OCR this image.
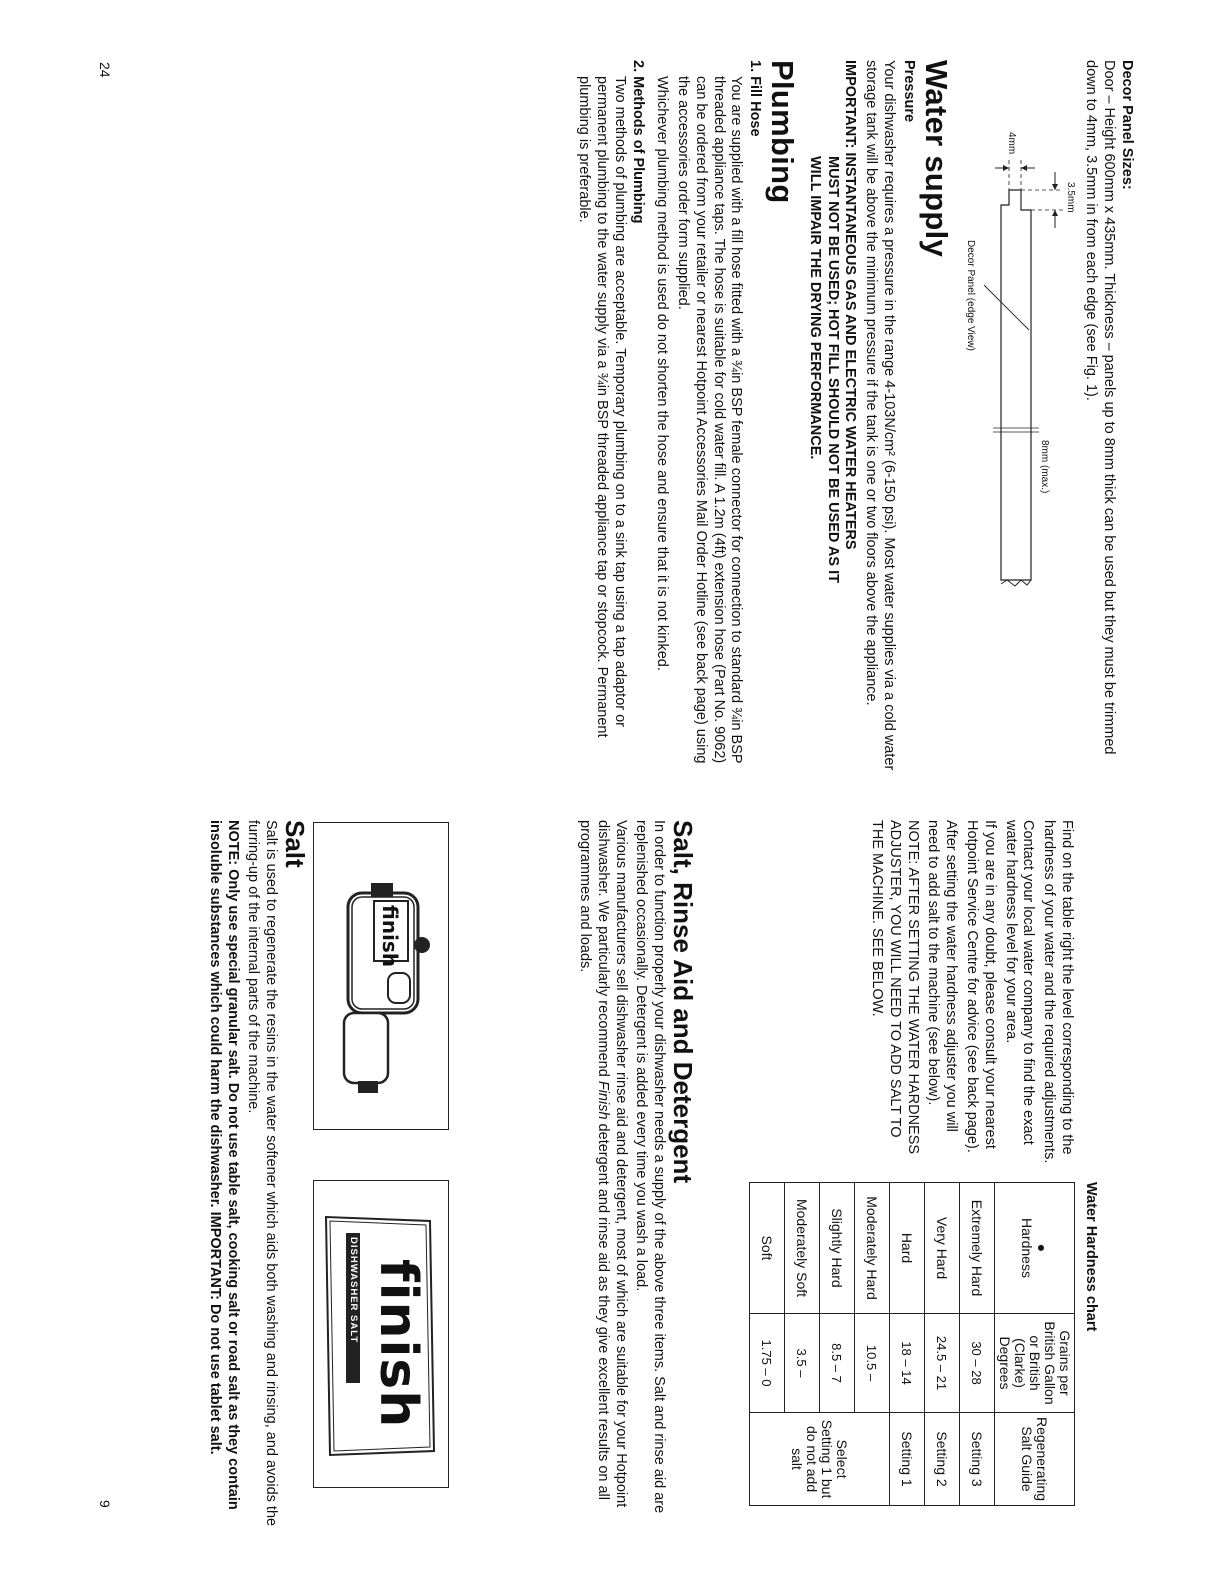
Decor Panel Sizes:

Door – Height 600mm x 435mm. Thickness – panels up to 8mm thick can be used but they must be trimmed down to 4mm, 3.5mm in from each edge (see Fig. 1).

3.5mm
4mm
8mm (max.)
Decor Panel (edge View)
Water supply
Pressure

Your dishwasher requires a pressure in the range 4-103N/cm² (6-150 psi). Most water supplies via a cold water storage tank will be above the minimum pressure if the tank is one or two floors above the appliance.

IMPORTANT: INSTANTANEOUS GAS AND ELECTRIC WATER HEATERS
MUST NOT BE USED; HOT FILL SHOULD NOT BE USED AS IT
WILL IMPAIR THE DRYING PERFORMANCE.
Plumbing
1. Fill Hose

You are supplied with a fill hose fitted with a ¾in BSP female connector for connection to standard ¾in BSP threaded appliance taps. The hose is suitable for cold water fill. A 1.2m (4ft) extension hose (Part No. 9062) can be ordered from your retailer or nearest Hotpoint Accessories Mail Order Hotline (see back page) using the accessories order form supplied.

Whichever plumbing method is used do not shorten the hose and ensure that it is not kinked.

2. Methods of Plumbing

Two methods of plumbing are acceptable. Temporary plumbing on to a sink tap using a tap adaptor or permanent plumbing to the water supply via a ¾in BSP threaded appliance tap or stopcock. Permanent plumbing is preferable.

24

Find on the table right the level corresponding to the hardness of your water and the required adjustments.

Contact your local water company to find the exact water hardness level for your area.

If you are in any doubt, please consult your nearest Hotpoint Service Centre for advice (see back page).

After setting the water hardness adjuster you will need to add salt to the machine (see below).

NOTE: AFTER SETTING THE WATER HARDNESS ADJUSTER, YOU WILL NEED TO ADD SALT TO THE MACHINE. SEE BELOW.

Water Hardness chart
●
Hardness	Grains per British Gallon or British (Clarke) Degrees	Regenerating Salt Guide
Extremely Hard	30 – 28	Setting 3
Very Hard	24.5 – 21	Setting 2
Hard	18 – 14	Setting 1
Moderately Hard	10.5 –	Select Setting 1 but do not add salt
Slightly Hard	8.5 – 7	
Moderately Soft	3.5 –	
Soft	1.75 – 0	
Salt, Rinse Aid and Detergent

In order to function properly your dishwasher needs a supply of the above three items. Salt and rinse aid are replenished occasionally. Detergent is added every time you wash a load.

Various manufacturers sell dishwasher rinse aid and detergent, most of which are suitable for your Hotpoint dishwasher. We particularly recommend Finish detergent and rinse aid as they give excellent results on all programmes and loads.

finish
finish
DISHWASHER SALT
Salt

Salt is used to regenerate the resins in the water softener which aids both washing and rinsing, and avoids the furring-up of the internal parts of the machine.

NOTE: Only use special granular salt. Do not use table salt, cooking salt or road salt as they contain insoluble substances which could harm the dishwasher. IMPORTANT: Do not use tablet salt.

9
